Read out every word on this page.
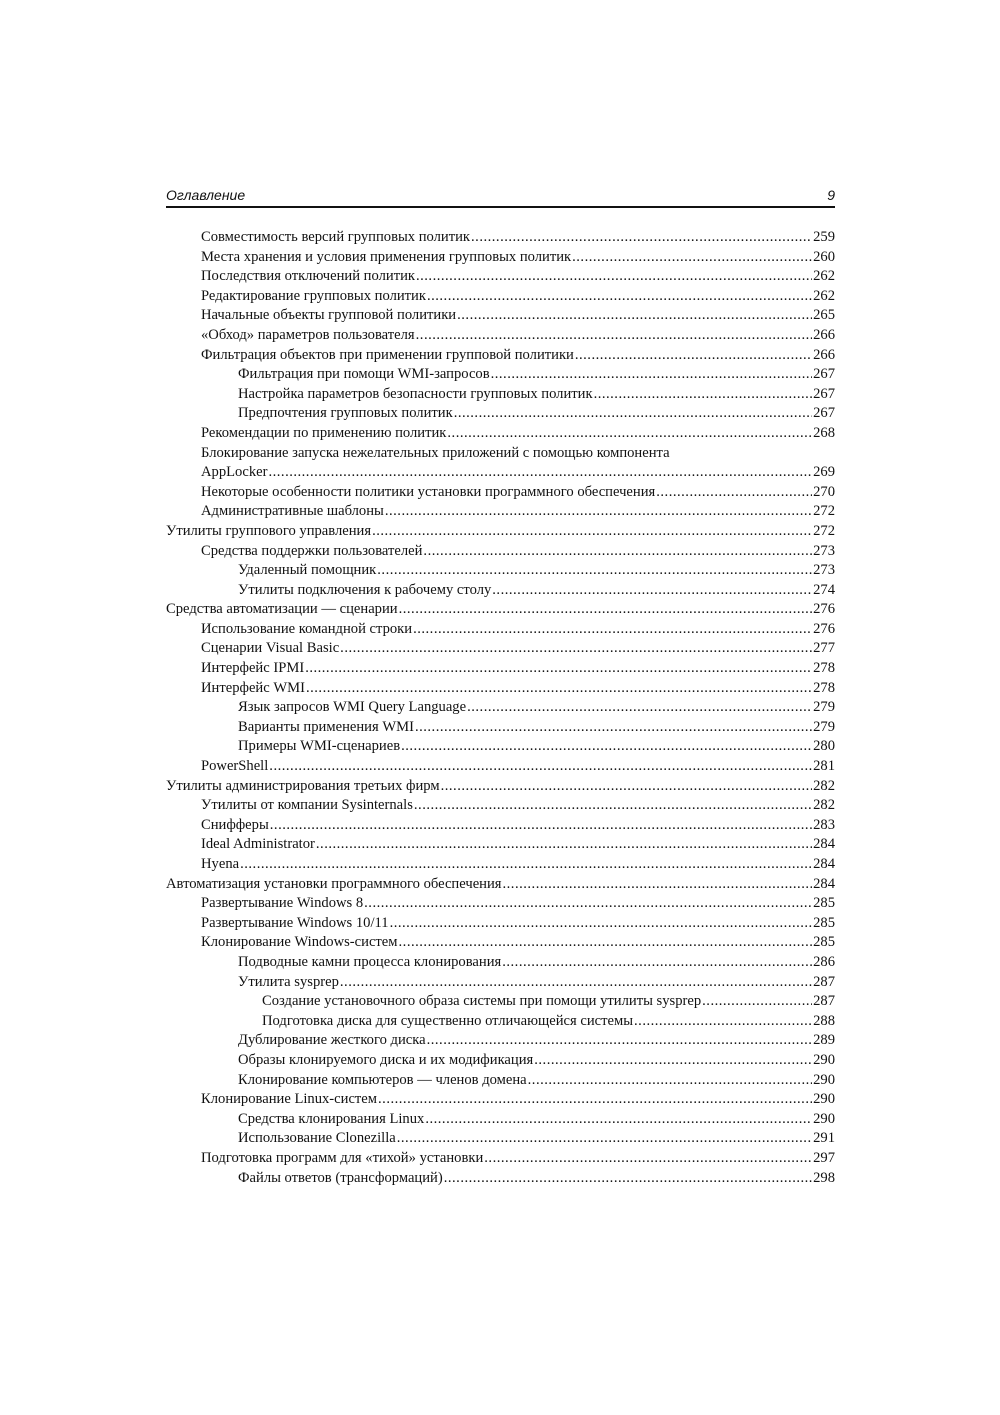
Оглавление	9
Совместимость версий групповых политик .....	259
Места хранения и условия применения групповых политик .....	260
Последствия отключений политик .....	262
Редактирование групповых политик .....	262
Начальные объекты групповой политики .....	265
«Обход» параметров пользователя .....	266
Фильтрация объектов при применении групповой политики .....	266
Фильтрация при помощи WMI-запросов .....	267
Настройка параметров безопасности групповых политик .....	267
Предпочтения групповых политик .....	267
Рекомендации по применению политик .....	268
Блокирование запуска нежелательных приложений с помощью компонента
AppLocker .....	269
Некоторые особенности политики установки программного обеспечения .....	270
Административные шаблоны .....	272
Утилиты группового управления .....	272
Средства поддержки пользователей .....	273
Удаленный помощник .....	273
Утилиты подключения к рабочему столу .....	274
Средства автоматизации — сценарии .....	276
Использование командной строки .....	276
Сценарии Visual Basic .....	277
Интерфейс IPMI .....	278
Интерфейс WMI .....	278
Язык запросов WMI Query Language .....	279
Варианты применения WMI .....	279
Примеры WMI-сценариев .....	280
PowerShell .....	281
Утилиты администрирования третьих фирм .....	282
Утилиты от компании Sysinternals .....	282
Снифферы .....	283
Ideal Administrator .....	284
Hyena .....	284
Автоматизация установки программного обеспечения .....	284
Развертывание Windows 8 .....	285
Развертывание Windows 10/11 .....	285
Клонирование Windows-систем .....	285
Подводные камни процесса клонирования .....	286
Утилита sysprep .....	287
Создание установочного образа системы при помощи утилиты sysprep .....	287
Подготовка диска для существенно отличающейся системы .....	288
Дублирование жесткого диска .....	289
Образы клонируемого диска и их модификация .....	290
Клонирование компьютеров — членов домена .....	290
Клонирование Linux-систем .....	290
Средства клонирования Linux .....	290
Использование Clonezilla .....	291
Подготовка программ для «тихой» установки .....	297
Файлы ответов (трансформаций) .....	298
